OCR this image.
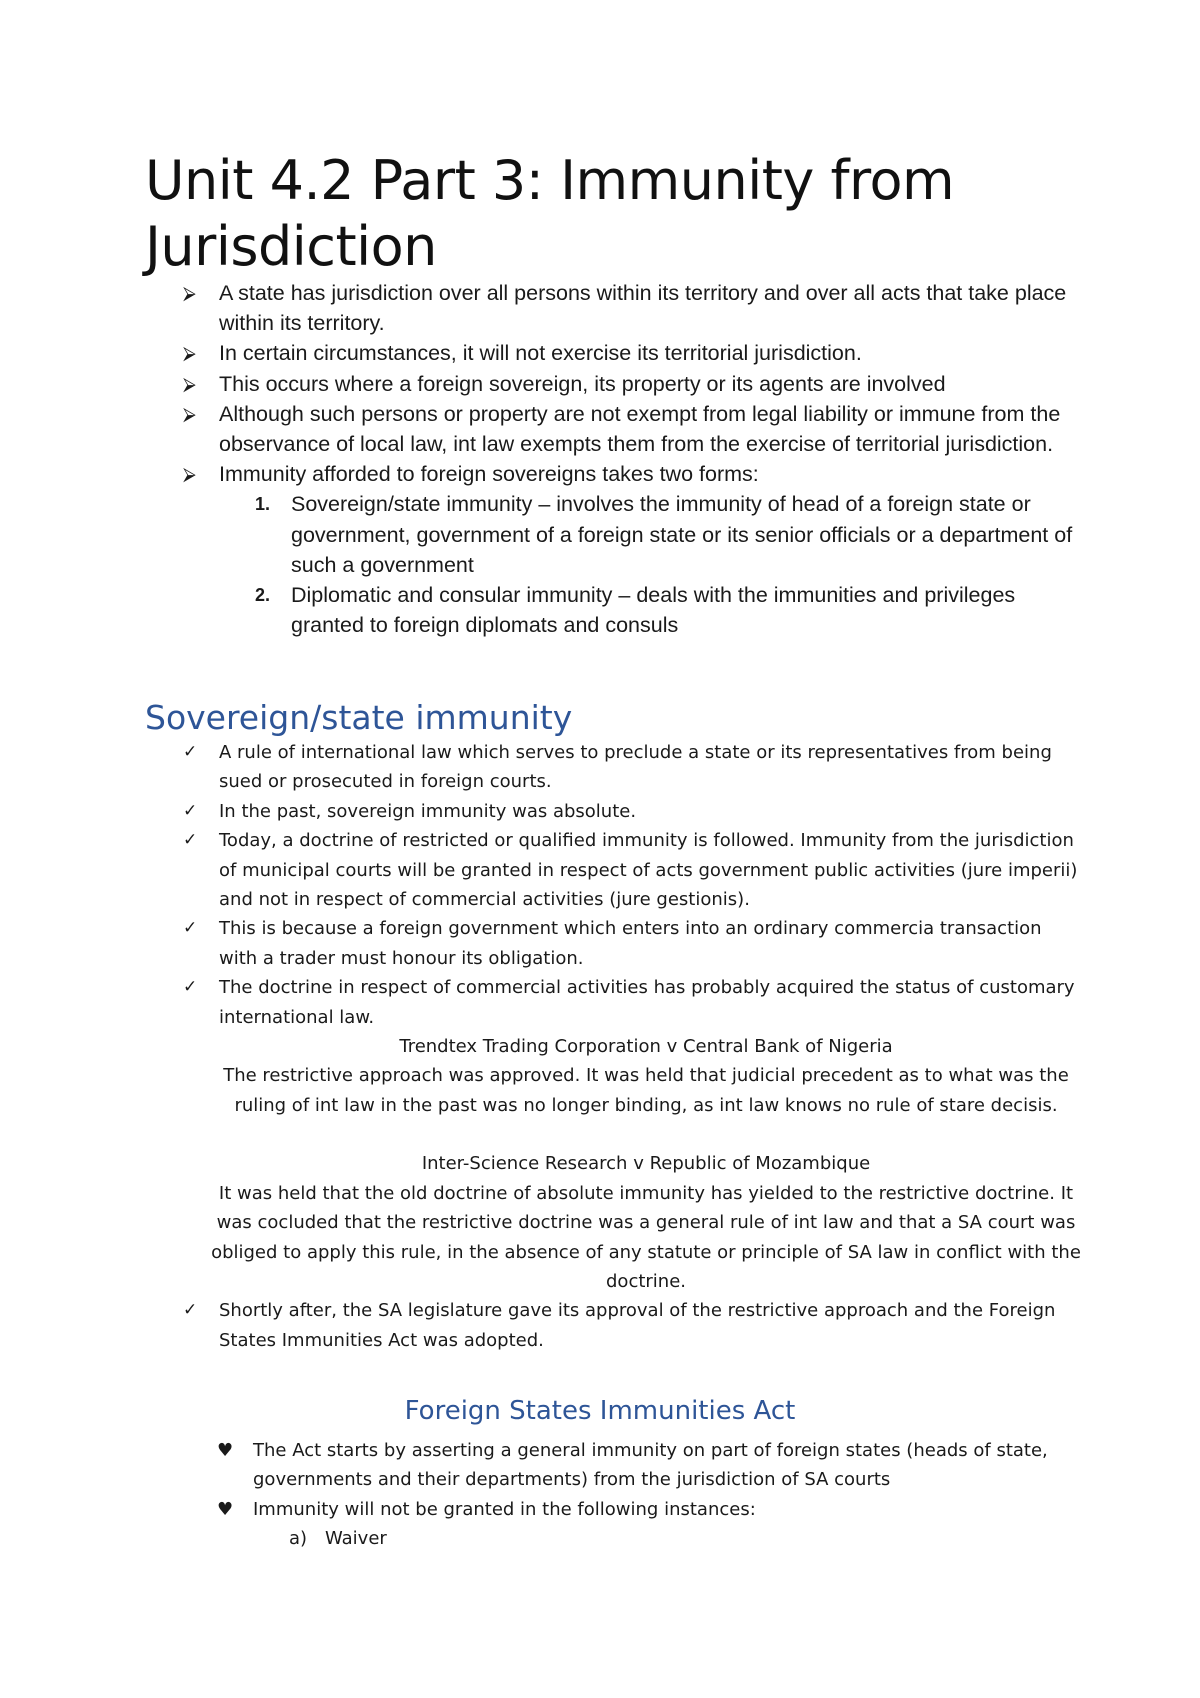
Unit 4.2 Part 3: Immunity from Jurisdiction
⮚	A state has jurisdiction over all persons within its territory and over all acts that take place within its territory.
⮚	In certain circumstances, it will not exercise its territorial jurisdiction.
⮚	This occurs where a foreign sovereign, its property or its agents are involved
⮚	Although such persons or property are not exempt from legal liability or immune from the observance of local law, int law exempts them from the exercise of territorial jurisdiction.
⮚	Immunity afforded to foreign sovereigns takes two forms:
1. Sovereign/state immunity – involves the immunity of head of a foreign state or government, government of a foreign state or its senior officials or a department of such a government
2. Diplomatic and consular immunity – deals with the immunities and privileges granted to foreign diplomats and consuls
Sovereign/state immunity
✓ A rule of international law which serves to preclude a state or its representatives from being sued or prosecuted in foreign courts.
✓ In the past, sovereign immunity was absolute.
✓ Today, a doctrine of restricted or qualified immunity is followed. Immunity from the jurisdiction of municipal courts will be granted in respect of acts government public activities (jure imperii) and not in respect of commercial activities (jure gestionis).
✓ This is because a foreign government which enters into an ordinary commercia transaction with a trader must honour its obligation.
✓ The doctrine in respect of commercial activities has probably acquired the status of customary international law.
Trendtex Trading Corporation v Central Bank of Nigeria
The restrictive approach was approved. It was held that judicial precedent as to what was the ruling of int law in the past was no longer binding, as int law knows no rule of stare decisis.
Inter-Science Research v Republic of Mozambique
It was held that the old doctrine of absolute immunity has yielded to the restrictive doctrine. It was cocluded that the restrictive doctrine was a general rule of int law and that a SA court was obliged to apply this rule, in the absence of any statute or principle of SA law in conflict with the doctrine.
✓ Shortly after, the SA legislature gave its approval of the restrictive approach and the Foreign States Immunities Act was adopted.
Foreign States Immunities Act
♥ The Act starts by asserting a general immunity on part of foreign states (heads of state, governments and their departments) from the jurisdiction of SA courts
♥ Immunity will not be granted in the following instances:
a) Waiver
